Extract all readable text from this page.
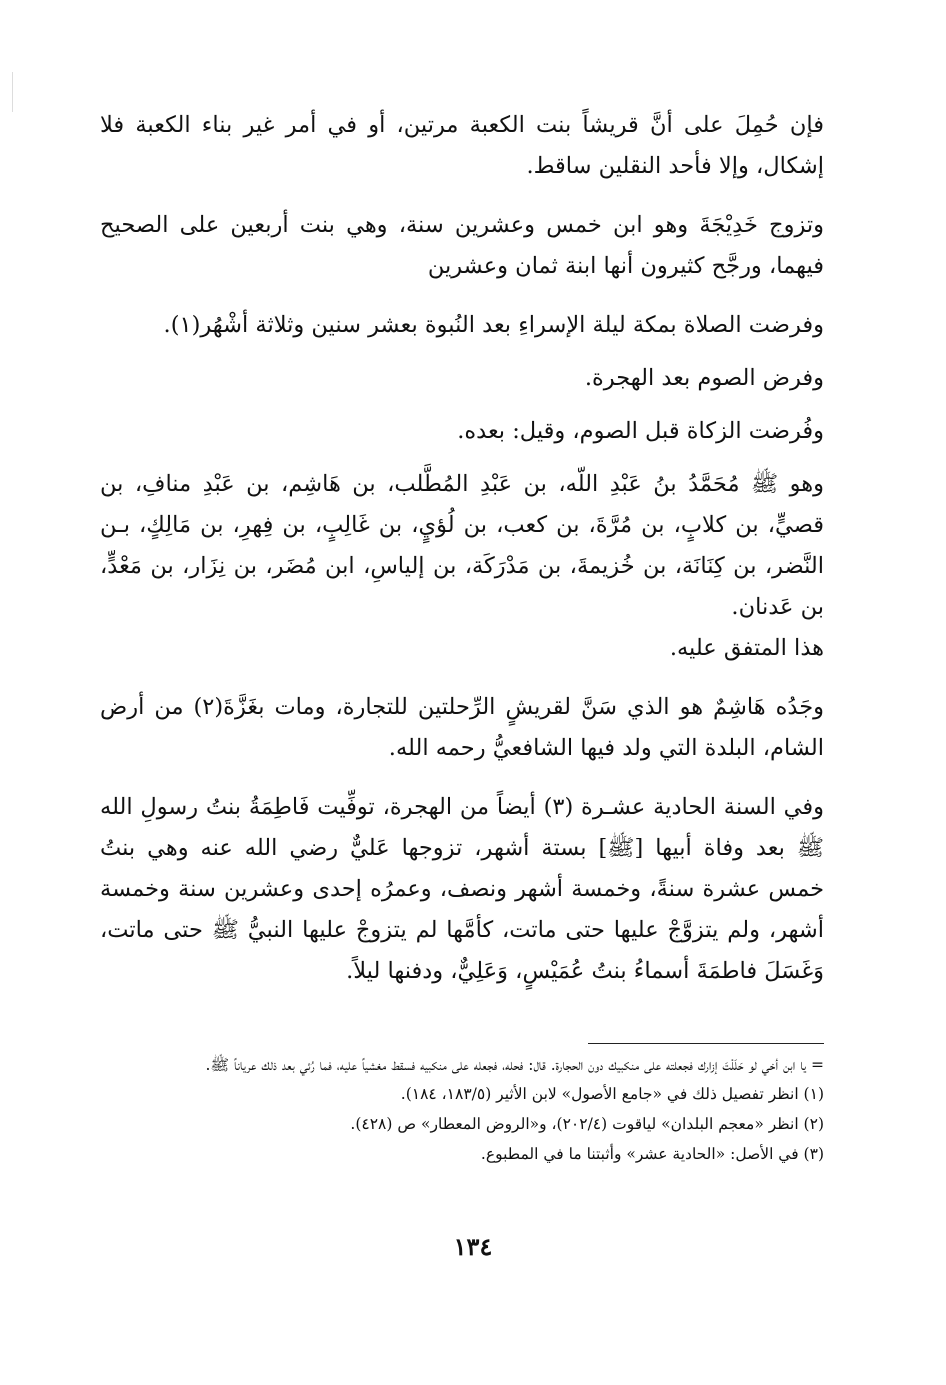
فإن حُمِلَ على أنَّ قريشاً بنت الكعبة مرتين، أو في أمر غير بناء الكعبة فلا إشكال، وإلا فأحد النقلين ساقط.

وتزوج خَدِيْجَةَ وهو ابن خمس وعشرين سنة، وهي بنت أربعين على الصحيح فيهما، ورجَّح كثيرون أنها ابنة ثمان وعشرين

وفرضت الصلاة بمكة ليلة الإسراءِ بعد النُبوة بعشر سنين وثلاثة أشْهُر(١).

وفرض الصوم بعد الهجرة.

وفُرضت الزكاة قبل الصوم، وقيل: بعده.

وهو ﷺ مُحَمَّدُ بنُ عَبْدِ اللّه، بن عَبْدِ المُطَّلب، بن هَاشِم، بن عَبْدِ منافِ، بن قصيٍّ، بن كلابٍ، بن مُرَّةَ، بن كعب، بن لُؤيٍ، بن غَالِبٍ، بن فِهرِ، بن مَالِكٍ، بـن النَّضر، بن كِنَانَة، بن خُزيمةَ، بن مَدْرَكَة، بن إلياسِ، ابن مُضَر، بن نِزَار، بن مَعْدٍّ، بن عَدنان.

هذا المتفق عليه.

وجَدُه هَاشِمٌ هو الذي سَنَّ لقريشٍ الرِّحلتين للتجارة، ومات بغَزَّةَ(٢) من أرض الشام، البلدة التي ولد فيها الشافعيُّ رحمه الله.

وفي السنة الحادية عشـرة (٣) أيضاً من الهجرة، توفِّيت فَاطِمَةُ بنتُ رسولِ الله ﷺ بعد وفاة أبيها [ﷺ] بستة أشهر، تزوجها عَليٌّ رضي الله عنه وهي بنتُ خمس عشرة سنةً، وخمسة أشهر ونصف، وعمرُه إحدى وعشرين سنة وخمسة أشهر، ولم يتزوَّجْ عليها حتى ماتت، كأمَّها لم يتزوجْ عليها النبيُّ ﷺ حتى ماتت، وَغَسَلَ فاطمَةَ أسماءُ بنتُ عُمَيْسٍ، وَعَلِيٌّ، ودفنها ليلاً.

= يا ابن أخي لو حَلَلْتَ إزارك فجعلته على منكبيك دون الحجارة. قال: فحله، فجعله على منكبيه فسقط مغشياً عليه، فما رُئي بعد ذلك عرياناً ﷺ.

(١) انظر تفصيل ذلك في «جامع الأصول» لابن الأثير (١٨٣/٥، ١٨٤).

(٢) انظر «معجم البلدان» لياقوت (٢٠٢/٤)، و«الروض المعطار» ص (٤٢٨).

(٣) في الأصل: «الحادية عشر» وأثبتنا ما في المطبوع.

١٣٤
